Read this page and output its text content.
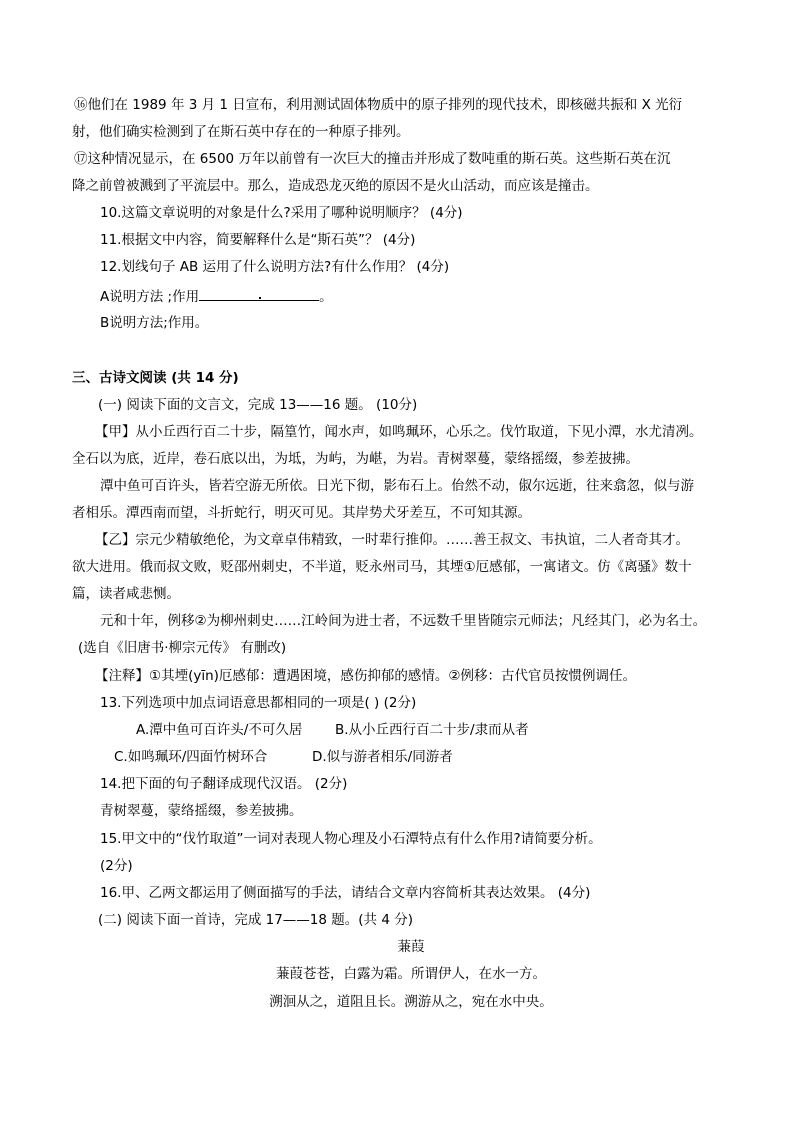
⑯他们在 1989 年 3 月 1 日宣布，利用测试固体物质中的原子排列的现代技术，即核磁共振和 X 光衍
射，他们确实检测到了在斯石英中存在的一种原子排列。
⑰这种情况显示，在 6500 万年以前曾有一次巨大的撞击并形成了数吨重的斯石英。这些斯石英在沉
降之前曾被溅到了平流层中。那么，造成恐龙灭绝的原因不是火山活动，而应该是撞击。
10.这篇文章说明的对象是什么?采用了哪种说明顺序？ (4分)
11.根据文中内容，简要解释什么是“斯石英”？ (4分)
12.划线句子 AB 运用了什么说明方法?有什么作用？ (4分)
A说明方法 ;作用	。
B说明方法;作用。
三、古诗文阅读 (共 14 分)
(一) 阅读下面的文言文，完成 13——16 题。 (10分)
【甲】从小丘西行百二十步，隔篁竹，闻水声，如鸣珮环，心乐之。伐竹取道，下见小潭，水尤清冽。
全石以为底，近岸，卷石底以出，为坻，为屿，为嵁，为岩。青树翠蔓，蒙络摇缀，参差披拂。
潭中鱼可百许头，皆若空游无所依。日光下彻，影布石上。佁然不动，俶尔远逝，往来翕忽，似与游
者相乐。潭西南而望，斗折蛇行，明灭可见。其岸势犬牙差互，不可知其源。
【乙】宗元少精敏绝伦，为文章卓伟精致，一时辈行推仰。……善王叔文、韦执谊，二人者奇其才。
欲大进用。俄而叔文败，贬邵州刺史，不半道，贬永州司马，其堙①厄感郁，一寓诸文。仿《离骚》数十
篇，读者咸悲恻。
元和十年，例移②为柳州刺史……江岭间为进士者，不远数千里皆随宗元师法；凡经其门，必为名士。
(选自《旧唐书·柳宗元传》 有删改)
【注释】①其堙(yīn)厄感郁：遭遇困境，感伤抑郁的感情。②例移：古代官员按惯例调任。
13.下列选项中加点词语意思都相同的一项是( ) (2分)
A.潭中鱼可百许头/不可久居 B.从小丘西行百二十步/隶而从者
C.如鸣珮环/四面竹树环合	D.似与游者相乐/同游者
14.把下面的句子翻译成现代汉语。 (2分)
青树翠蔓，蒙络摇缀，参差披拂。
15.甲文中的“伐竹取道”一词对表现人物心理及小石潭特点有什么作用?请简要分析。
(2分)
16.甲、乙两文都运用了侧面描写的手法，请结合文章内容简析其表达效果。 (4分)
(二) 阅读下面一首诗，完成 17——18 题。(共 4 分)
蒹葭
蒹葭苍苍，白露为霜。所谓伊人，在水一方。
溯洄从之，道阻且长。溯游从之，宛在水中央。
